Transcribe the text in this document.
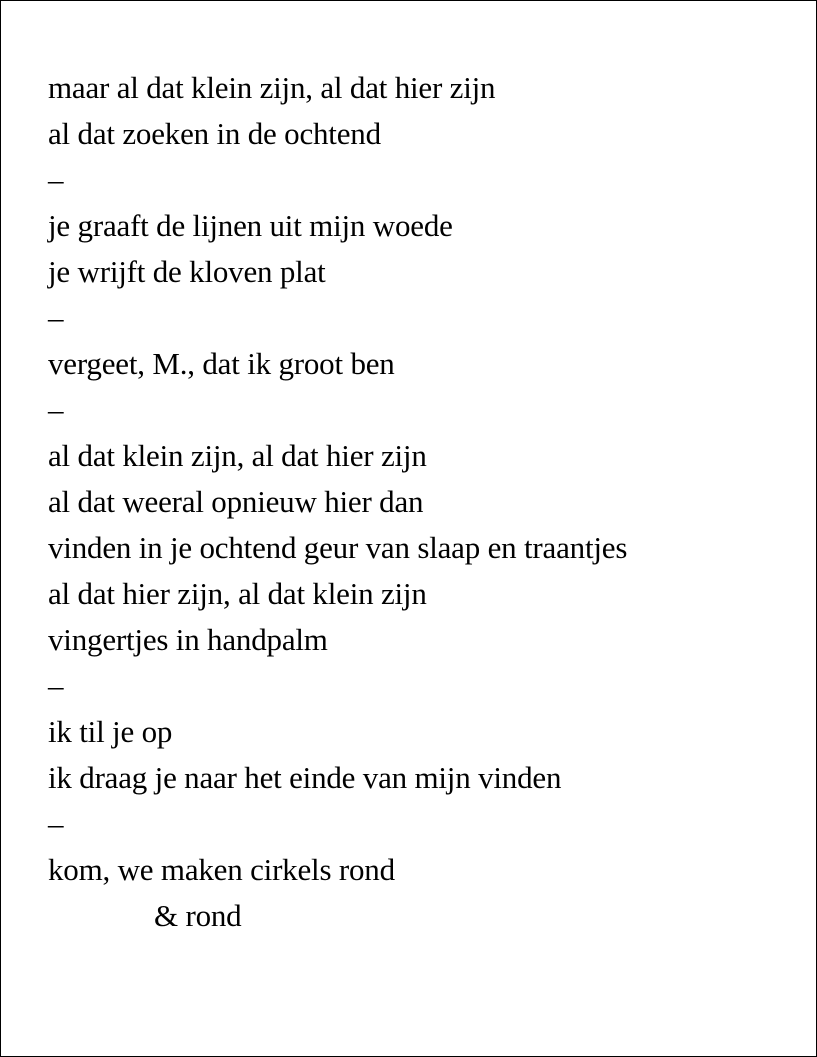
maar al dat klein zijn, al dat hier zijn
al dat zoeken in de ochtend
–
je graaft de lijnen uit mijn woede
je wrijft de kloven plat
–
vergeet, M., dat ik groot ben
–
al dat klein zijn, al dat hier zijn
al dat weeral opnieuw hier dan
vinden in je ochtend geur van slaap en traantjes
al dat hier zijn, al dat klein zijn
vingertjes in handpalm
–
ik til je op
ik draag je naar het einde van mijn vinden
–
kom, we maken cirkels rond
& rond
